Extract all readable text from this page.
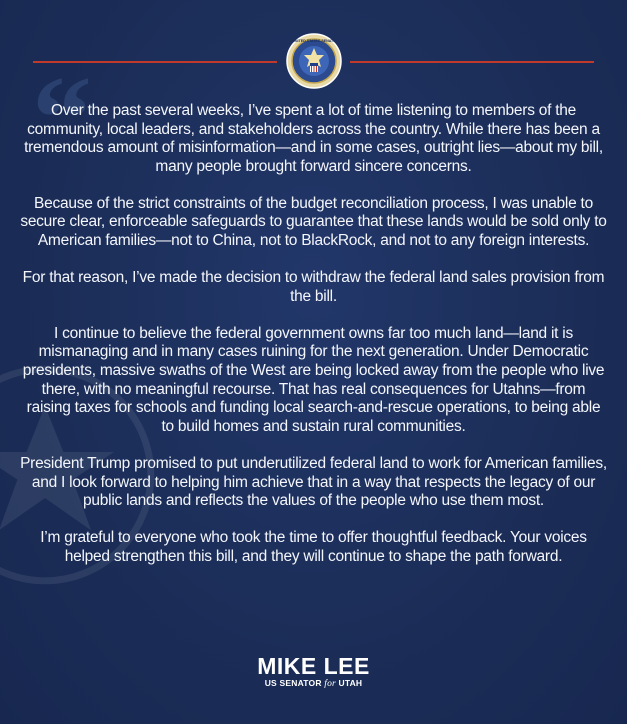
UNITED STATES SENATE
“

Over the past several weeks, I’ve spent a lot of time listening to members of the community, local leaders, and stakeholders across the country. While there has been a tremendous amount of misinformation—and in some cases, outright lies—about my bill, many people brought forward sincere concerns.

Because of the strict constraints of the budget reconciliation process, I was unable to secure clear, enforceable safeguards to guarantee that these lands would be sold only to American families—not to China, not to BlackRock, and not to any foreign interests.

For that reason, I’ve made the decision to withdraw the federal land sales provision from the bill.

I continue to believe the federal government owns far too much land—land it is mismanaging and in many cases ruining for the next generation. Under Democratic presidents, massive swaths of the West are being locked away from the people who live there, with no meaningful recourse. That has real consequences for Utahns—from raising taxes for schools and funding local search-and-rescue operations, to being able to build homes and sustain rural communities.

President Trump promised to put underutilized federal land to work for American families, and I look forward to helping him achieve that in a way that respects the legacy of our public lands and reflects the values of the people who use them most.

I’m grateful to everyone who took the time to offer thoughtful feedback. Your voices helped strengthen this bill, and they will continue to shape the path forward.

MIKE LEE
US SENATOR for UTAH
